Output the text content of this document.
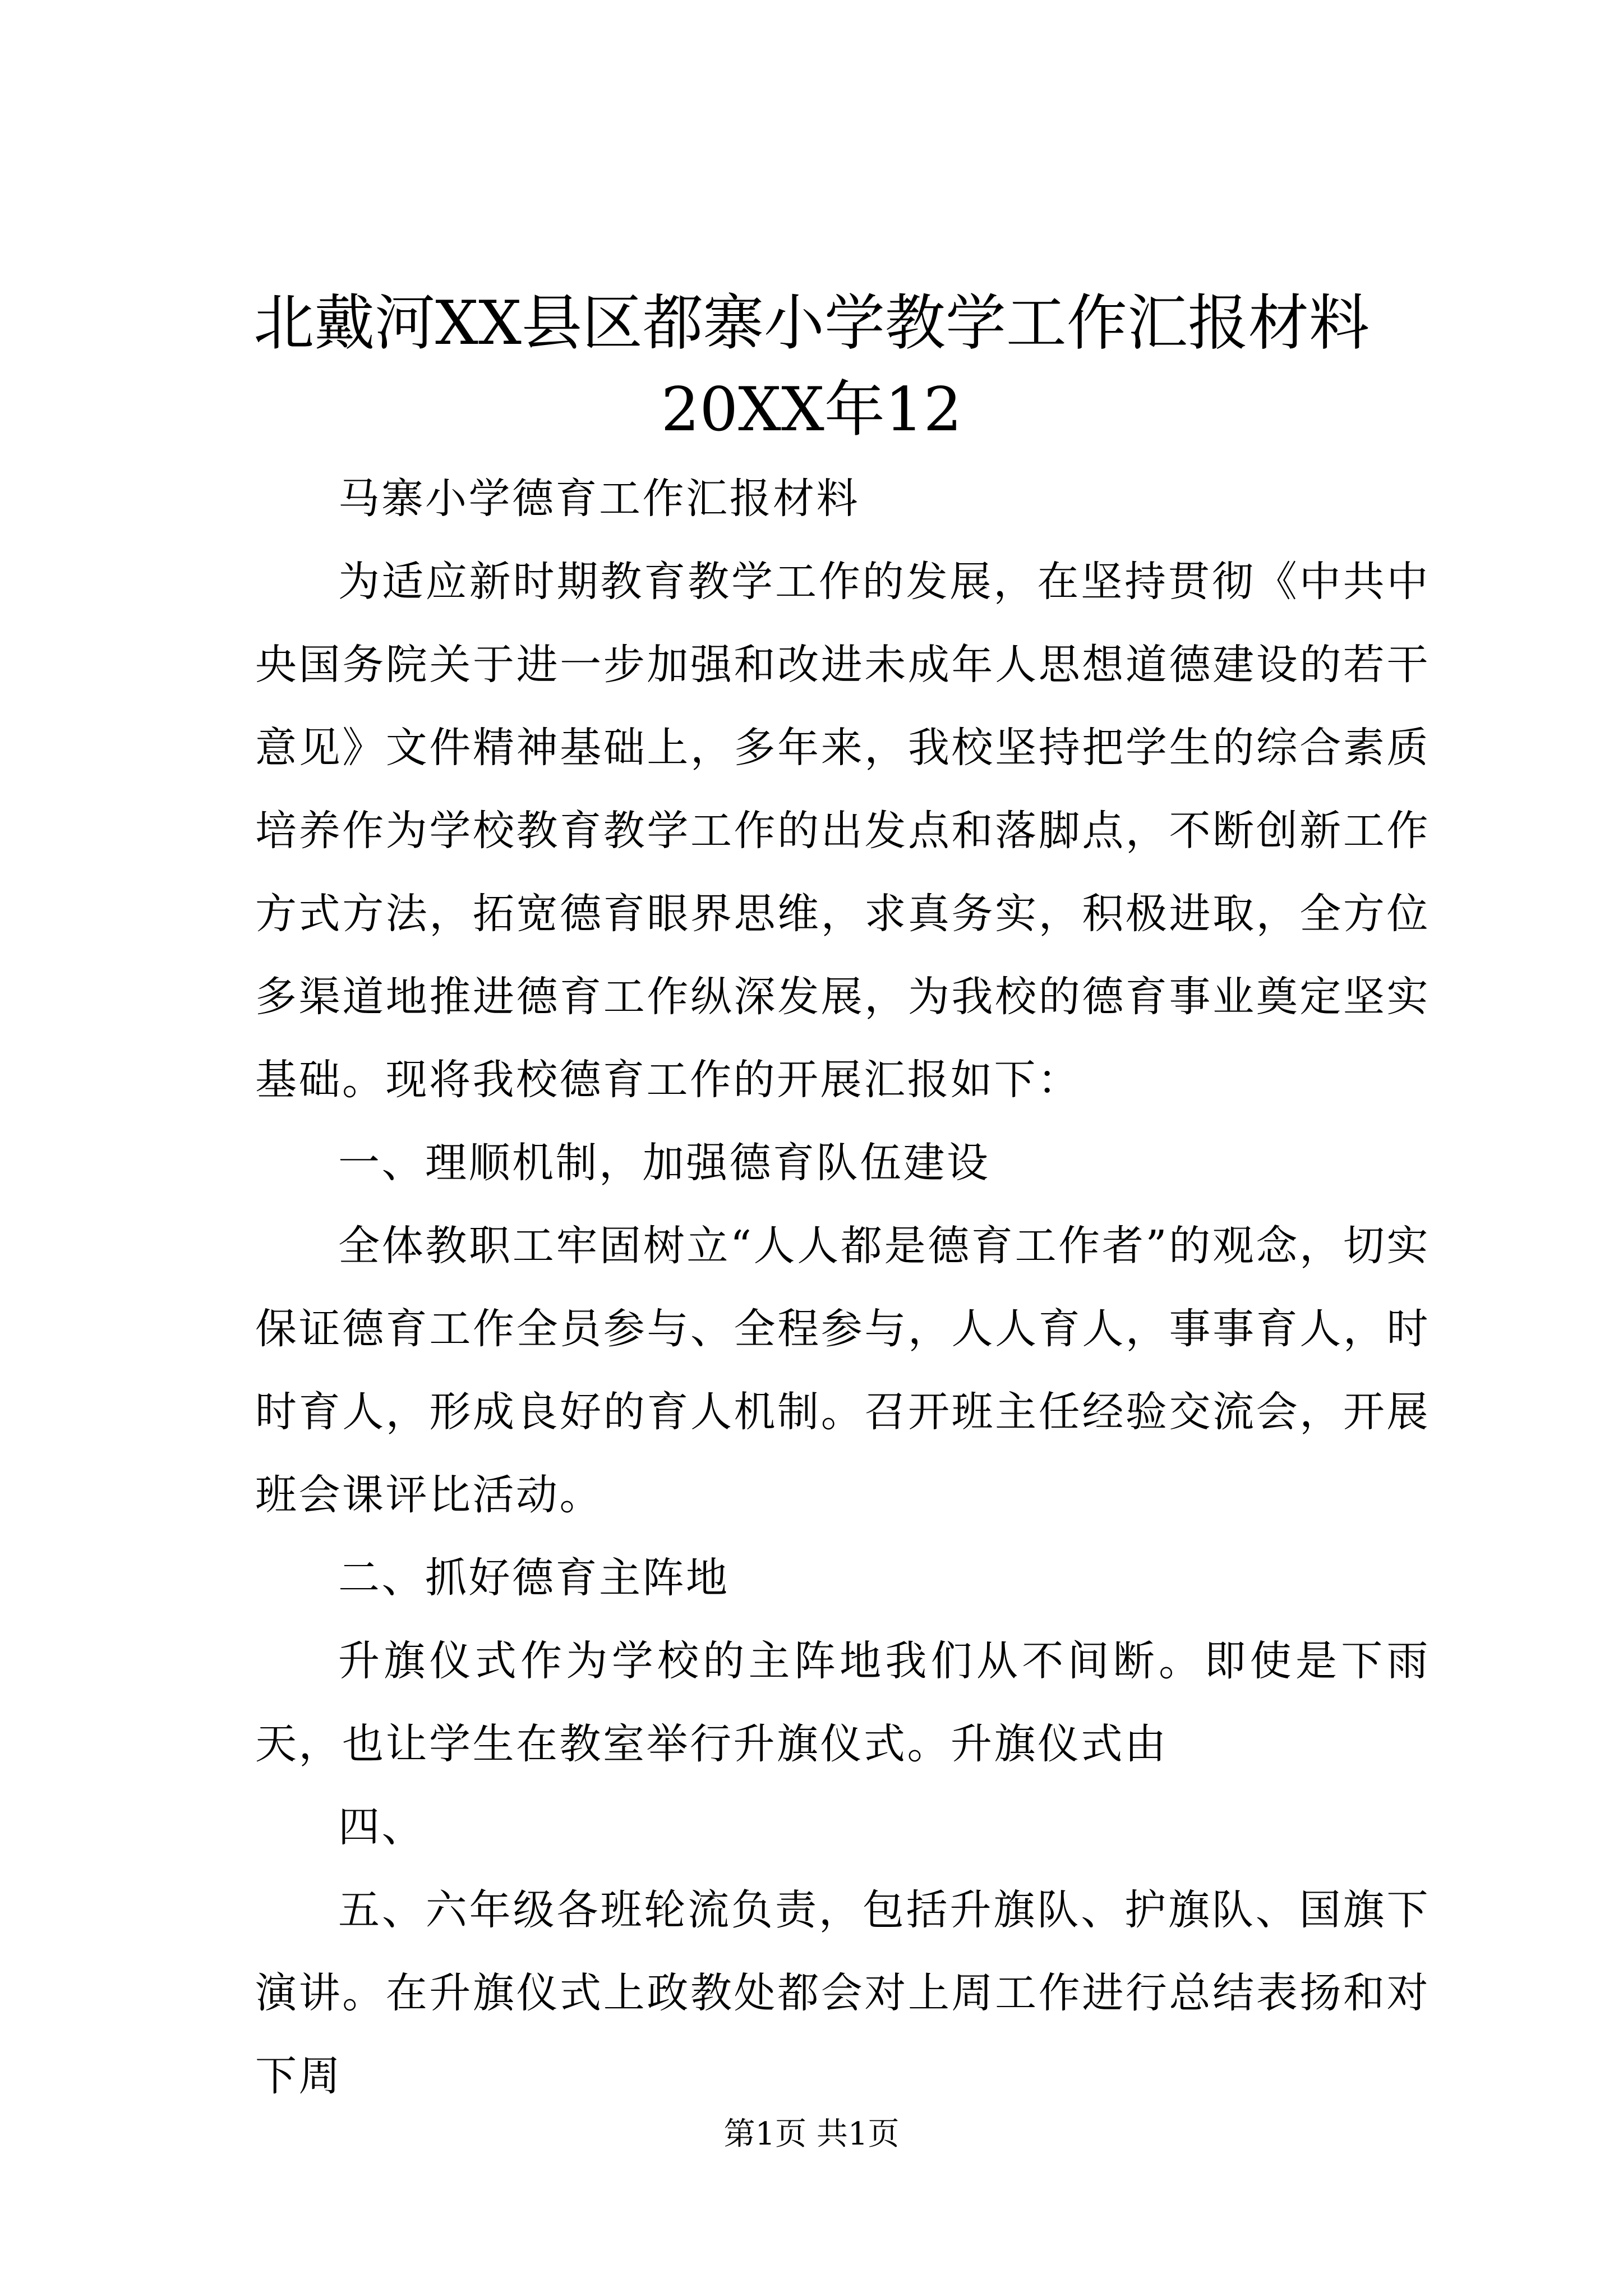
北戴河XX县区都寨小学教学工作汇报材料
20XX年12

马寨小学德育工作汇报材料

为适应新时期教育教学工作的发展，在坚持贯彻《中共中央国务院关于进一步加强和改进未成年人思想道德建设的若干意见》文件精神基础上，多年来，我校坚持把学生的综合素质培养作为学校教育教学工作的出发点和落脚点，不断创新工作方式方法，拓宽德育眼界思维，求真务实，积极进取，全方位多渠道地推进德育工作纵深发展，为我校的德育事业奠定坚实基础。现将我校德育工作的开展汇报如下：

一、理顺机制，加强德育队伍建设

全体教职工牢固树立“人人都是德育工作者”的观念，切实保证德育工作全员参与、全程参与，人人育人，事事育人，时时育人，形成良好的育人机制。召开班主任经验交流会，开展班会课评比活动。

二、抓好德育主阵地

升旗仪式作为学校的主阵地我们从不间断。即使是下雨天，也让学生在教室举行升旗仪式。升旗仪式由

四、

五、六年级各班轮流负责，包括升旗队、护旗队、国旗下演讲。在升旗仪式上政教处都会对上周工作进行总结表扬和对下周

第1页 共1页
